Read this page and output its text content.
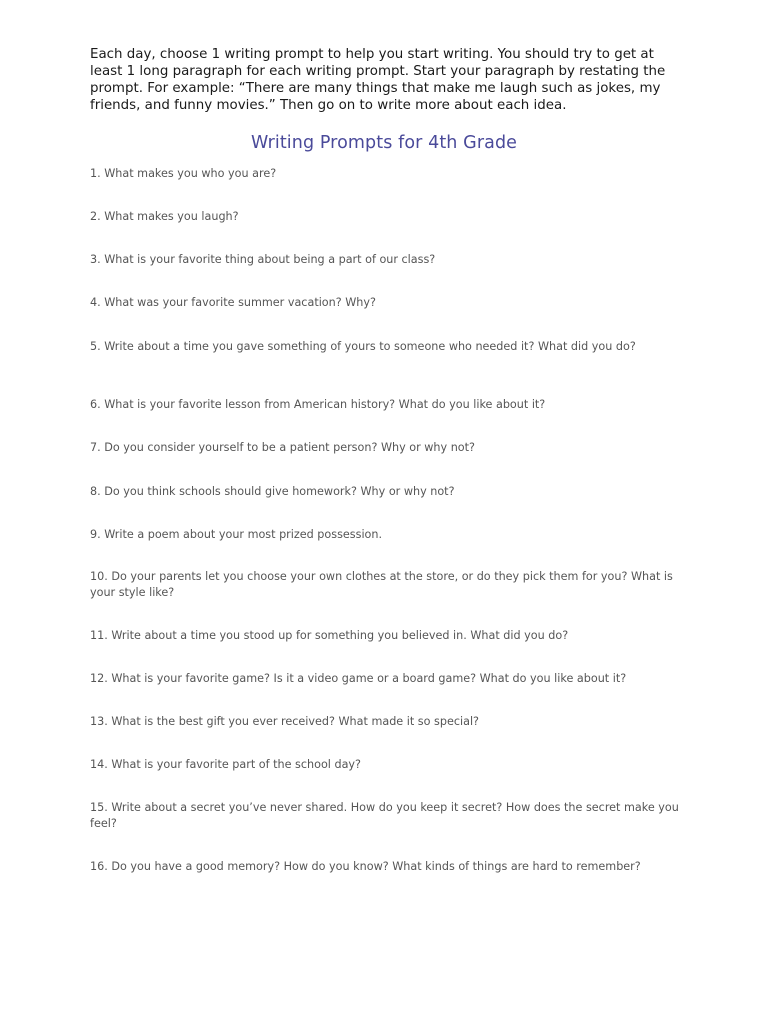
Each day, choose 1 writing prompt to help you start writing. You should try to get at least 1 long paragraph for each writing prompt. Start your paragraph by restating the prompt. For example: “There are many things that make me laugh such as jokes, my friends, and funny movies.” Then go on to write more about each idea.

Writing Prompts for 4th Grade

1. What makes you who you are?

2. What makes you laugh?

3. What is your favorite thing about being a part of our class?

4. What was your favorite summer vacation? Why?

5. Write about a time you gave something of yours to someone who needed it? What did you do?

6. What is your favorite lesson from American history? What do you like about it?

7. Do you consider yourself to be a patient person? Why or why not?

8. Do you think schools should give homework? Why or why not?

9. Write a poem about your most prized possession.

10. Do your parents let you choose your own clothes at the store, or do they pick them for you? What is your style like?

11. Write about a time you stood up for something you believed in. What did you do?

12. What is your favorite game? Is it a video game or a board game? What do you like about it?

13. What is the best gift you ever received? What made it so special?

14. What is your favorite part of the school day?

15. Write about a secret you’ve never shared. How do you keep it secret? How does the secret make you feel?

16. Do you have a good memory? How do you know? What kinds of things are hard to remember?
